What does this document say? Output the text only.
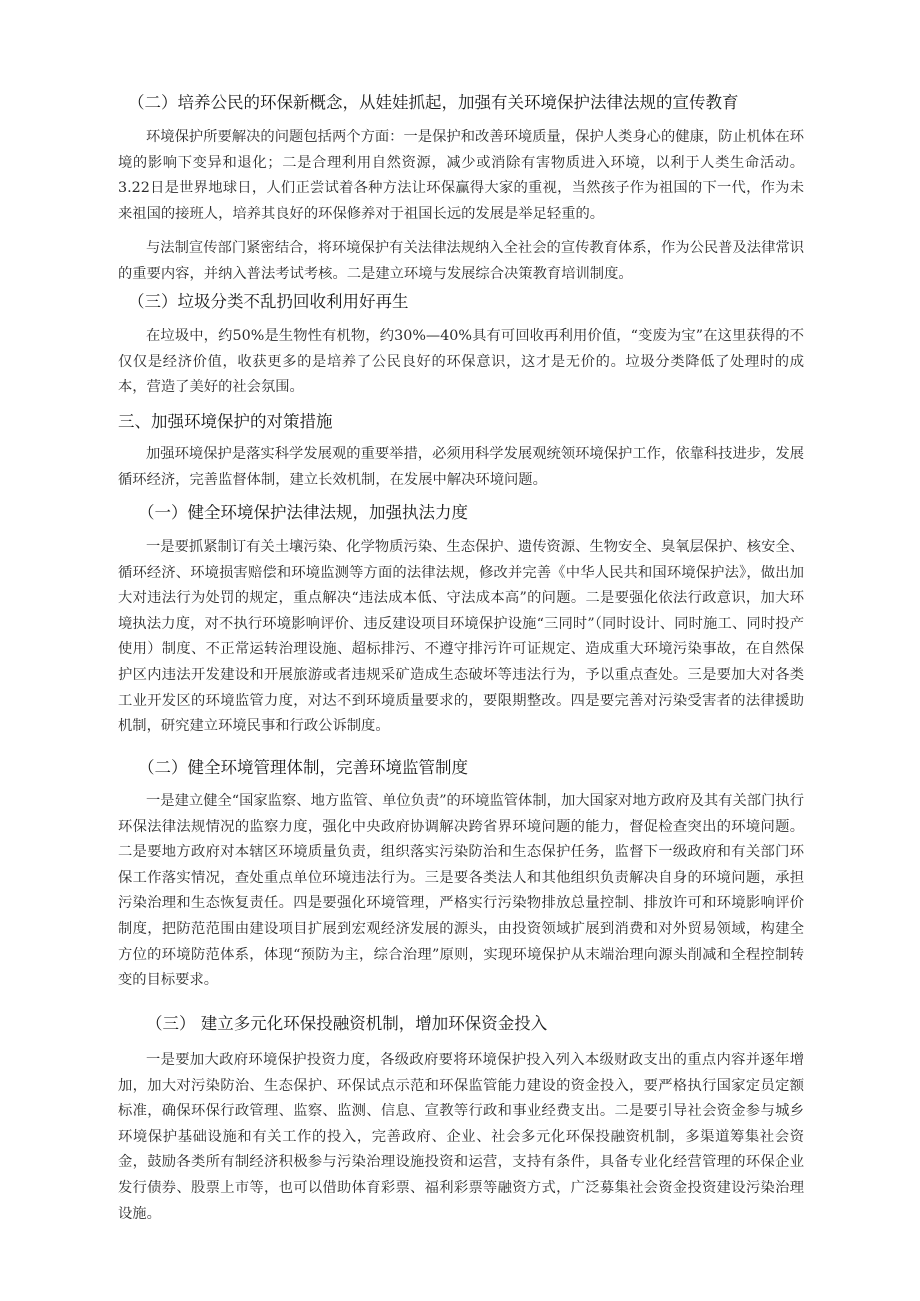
（二）培养公民的环保新概念，从娃娃抓起，加强有关环境保护法律法规的宣传教育

环境保护所要解决的问题包括两个方面：一是保护和改善环境质量，保护人类身心的健康，防止机体在环境的影响下变异和退化；二是合理利用自然资源，减少或消除有害物质进入环境，以利于人类生命活动。3.22日是世界地球日，人们正尝试着各种方法让环保赢得大家的重视，当然孩子作为祖国的下一代，作为未来祖国的接班人，培养其良好的环保修养对于祖国长远的发展是举足轻重的。

与法制宣传部门紧密结合，将环境保护有关法律法规纳入全社会的宣传教育体系，作为公民普及法律常识的重要内容，并纳入普法考试考核。二是建立环境与发展综合决策教育培训制度。

（三）垃圾分类不乱扔回收利用好再生

在垃圾中，约50%是生物性有机物，约30%—40%具有可回收再利用价值，“变废为宝”在这里获得的不仅仅是经济价值，收获更多的是培养了公民良好的环保意识，这才是无价的。垃圾分类降低了处理时的成本，营造了美好的社会氛围。

三、加强环境保护的对策措施

加强环境保护是落实科学发展观的重要举措，必须用科学发展观统领环境保护工作，依靠科技进步，发展循环经济，完善监督体制，建立长效机制，在发展中解决环境问题。

（一）健全环境保护法律法规，加强执法力度

一是要抓紧制订有关土壤污染、化学物质污染、生态保护、遗传资源、生物安全、臭氧层保护、核安全、循环经济、环境损害赔偿和环境监测等方面的法律法规，修改并完善《中华人民共和国环境保护法》，做出加大对违法行为处罚的规定，重点解决“违法成本低、守法成本高”的问题。二是要强化依法行政意识，加大环境执法力度，对不执行环境影响评价、违反建设项目环境保护设施“三同时”（同时设计、同时施工、同时投产使用）制度、不正常运转治理设施、超标排污、不遵守排污许可证规定、造成重大环境污染事故，在自然保护区内违法开发建设和开展旅游或者违规采矿造成生态破坏等违法行为，予以重点查处。三是要加大对各类工业开发区的环境监管力度，对达不到环境质量要求的，要限期整改。四是要完善对污染受害者的法律援助机制，研究建立环境民事和行政公诉制度。

（二）健全环境管理体制，完善环境监管制度

一是建立健全“国家监察、地方监管、单位负责”的环境监管体制，加大国家对地方政府及其有关部门执行环保法律法规情况的监察力度，强化中央政府协调解决跨省界环境问题的能力，督促检查突出的环境问题。二是要地方政府对本辖区环境质量负责，组织落实污染防治和生态保护任务，监督下一级政府和有关部门环保工作落实情况，查处重点单位环境违法行为。三是要各类法人和其他组织负责解决自身的环境问题，承担污染治理和生态恢复责任。四是要强化环境管理，严格实行污染物排放总量控制、排放许可和环境影响评价制度，把防范范围由建设项目扩展到宏观经济发展的源头，由投资领域扩展到消费和对外贸易领域，构建全方位的环境防范体系，体现“预防为主，综合治理”原则，实现环境保护从末端治理向源头削减和全程控制转变的目标要求。

（三） 建立多元化环保投融资机制，增加环保资金投入

一是要加大政府环境保护投资力度，各级政府要将环境保护投入列入本级财政支出的重点内容并逐年增加，加大对污染防治、生态保护、环保试点示范和环保监管能力建设的资金投入，要严格执行国家定员定额标准，确保环保行政管理、监察、监测、信息、宣教等行政和事业经费支出。二是要引导社会资金参与城乡环境保护基础设施和有关工作的投入，完善政府、企业、社会多元化环保投融资机制，多渠道筹集社会资金，鼓励各类所有制经济积极参与污染治理设施投资和运营，支持有条件，具备专业化经营管理的环保企业发行债券、股票上市等，也可以借助体育彩票、福利彩票等融资方式，广泛募集社会资金投资建设污染治理设施。
